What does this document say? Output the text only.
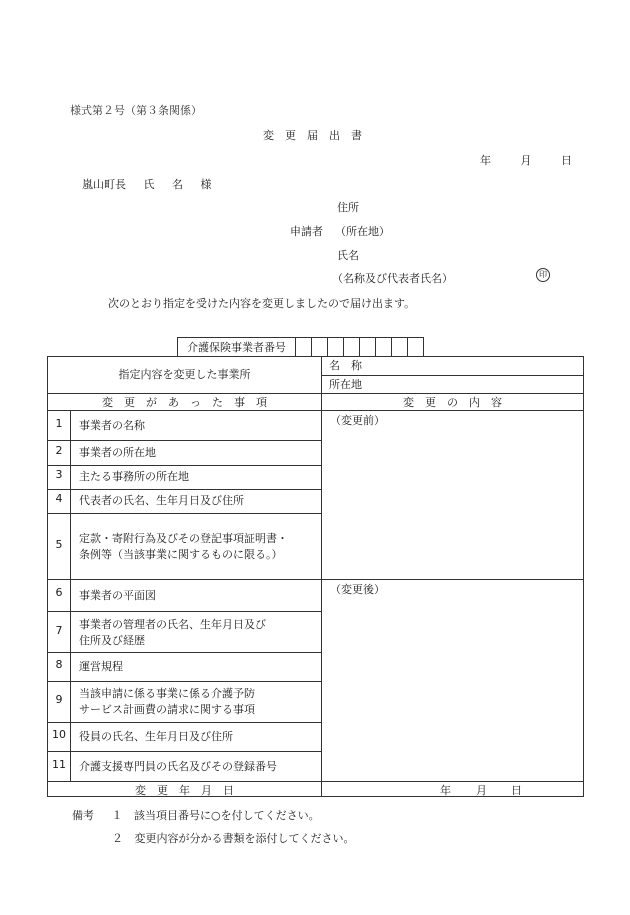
様式第２号（第３条関係）
変更届出書
年	月	日
嵐山町長 氏 名 様
住所
申請者 （所在地）
氏名
（名称及び代表者氏名）	印
次のとおり指定を受けた内容を変更しましたので届け出ます。
介護保険事業者番号								
指定内容を変更した事業所
名　称
所在地
変　更　が　あ　っ　た　事　項	変　更　の　内　容
（変更前）
（変更後）
1	事業者の名称
2	事業者の所在地
3	主たる事務所の所在地
4	代表者の氏名、生年月日及び住所
5	定款・寄附行為及びその登記事項証明書・
条例等（当該事業に関するものに限る。）
6	事業者の平面図
7	事業者の管理者の氏名、生年月日及び
住所及び経歴
8	運営規程
9	当該申請に係る事業に係る介護予防
サービス計画費の請求に関する事項
10	役員の氏名、生年月日及び住所
11	介護支援専門員の氏名及びその登録番号
変　更　年　月　日	年 月 日
備考 １ 該当項目番号に○を付してください。
２ 変更内容が分かる書類を添付してください。
